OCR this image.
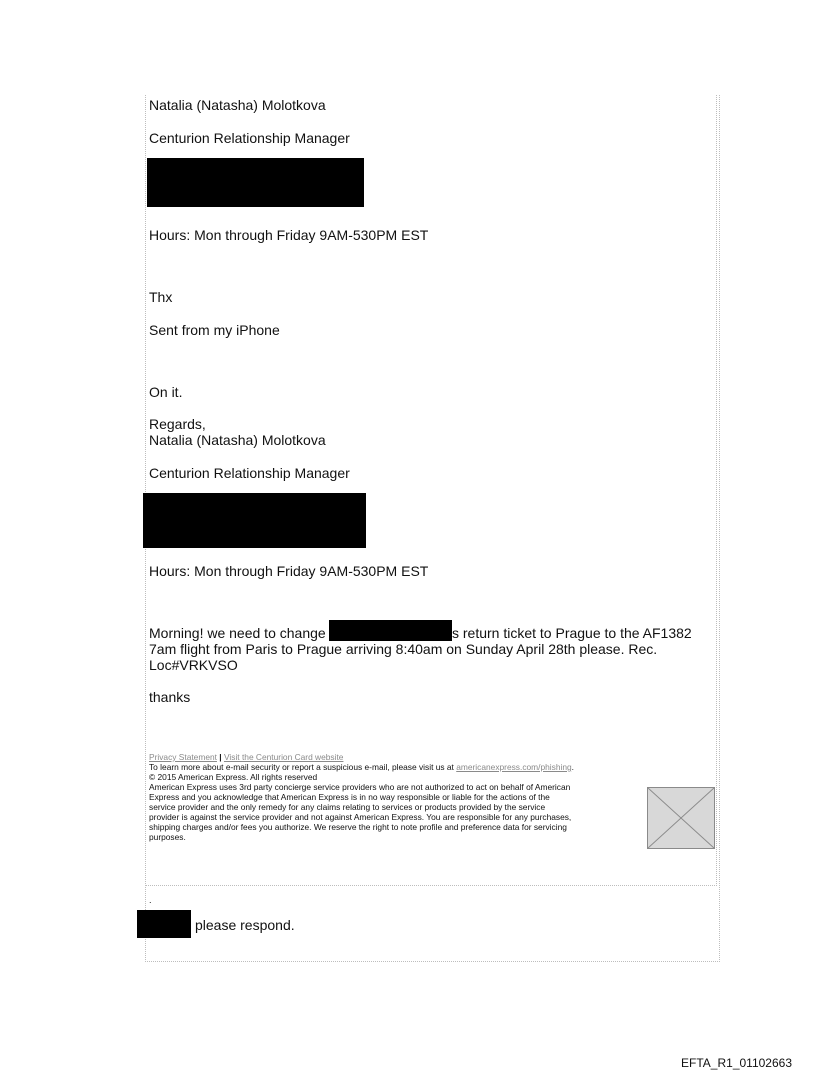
Natalia (Natasha) Molotkova
Centurion Relationship Manager
Hours: Mon through Friday 9AM-530PM EST
Thx
Sent from my iPhone
On it.
Regards,
Natalia (Natasha) Molotkova
Centurion Relationship Manager
Hours: Mon through Friday 9AM-530PM EST
Morning! we need to change	s return ticket to Prague to the AF1382
7am flight from Paris to Prague arriving 8:40am on Sunday April 28th please. Rec.
Loc#VRKVSO
thanks
Privacy Statement | Visit the Centurion Card website
To learn more about e-mail security or report a suspicious e-mail, please visit us at americanexpress.com/phishing.
© 2015 American Express. All rights reserved
American Express uses 3rd party concierge service providers who are not authorized to act on behalf of American
Express and you acknowledge that American Express is in no way responsible or liable for the actions of the
service provider and the only remedy for any claims relating to services or products provided by the service
provider is against the service provider and not against American Express. You are responsible for any purchases,
shipping charges and/or fees you authorize. We reserve the right to note profile and preference data for servicing
purposes.
.
please respond.
EFTA_R1_01102663
